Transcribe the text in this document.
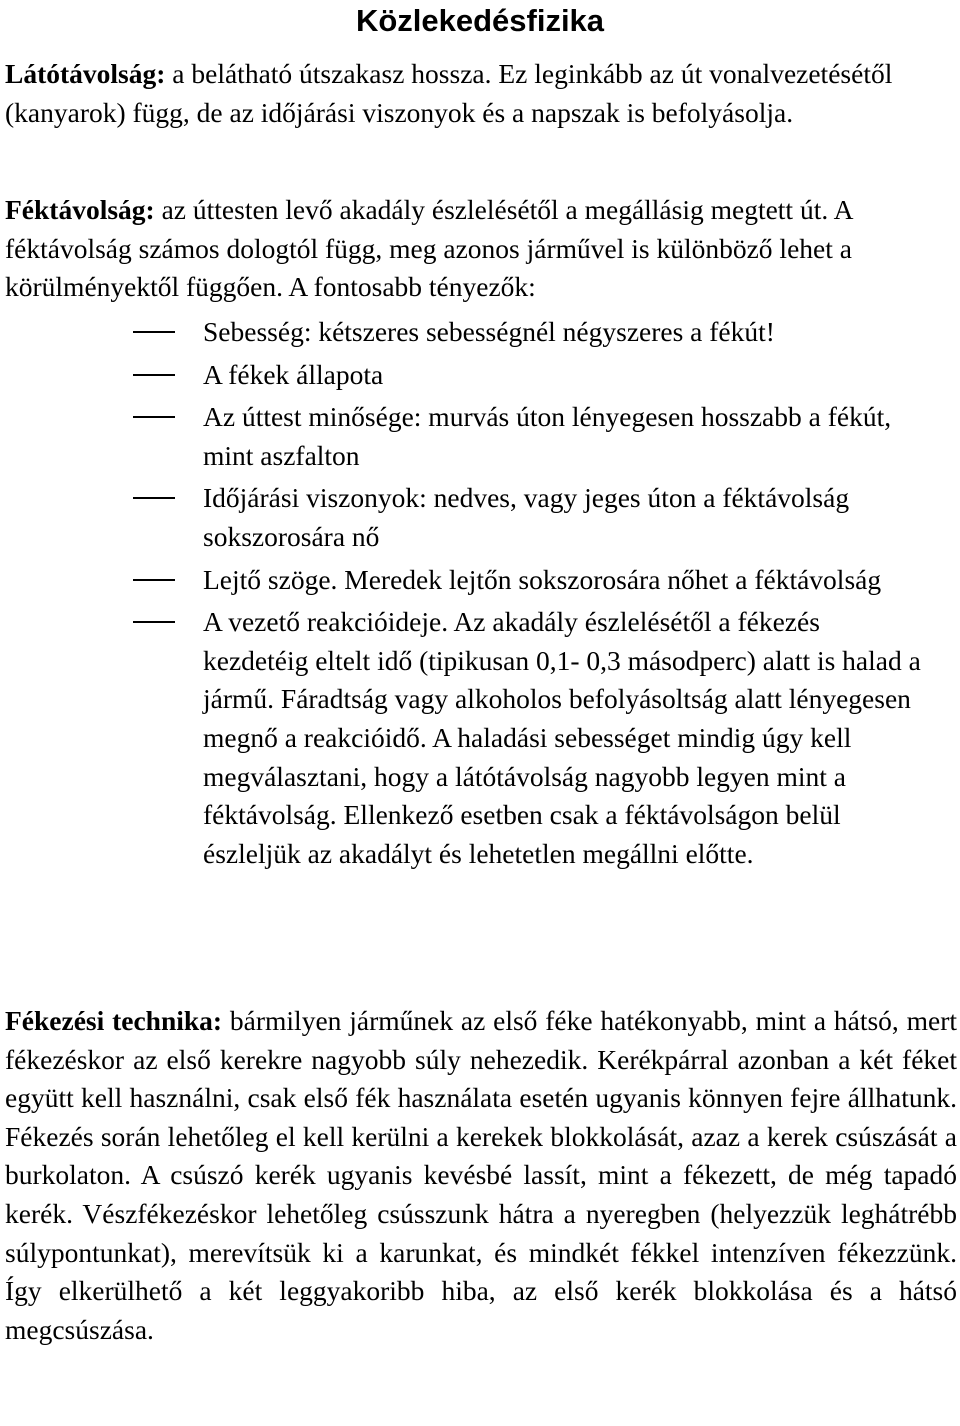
Közlekedésfizika

Látótávolság: a belátható útszakasz hossza. Ez leginkább az út vonalvezetésétől (kanyarok) függ, de az időjárási viszonyok és a napszak is befolyásolja.

Féktávolság: az úttesten levő akadály észlelésétől a megállásig megtett út. A féktávolság számos dologtól függ, meg azonos járművel is különböző lehet a körülményektől függően. A fontosabb tényezők:

Sebesség: kétszeres sebességnél négyszeres a fékút!
A fékek állapota
Az úttest minősége: murvás úton lényegesen hosszabb a fékút, mint aszfalton
Időjárási viszonyok: nedves, vagy jeges úton a féktávolság sokszorosára nő
Lejtő szöge. Meredek lejtőn sokszorosára nőhet a féktávolság
A vezető reakcióideje. Az akadály észlelésétől a fékezés kezdetéig eltelt idő (tipikusan 0,1- 0,3 másodperc) alatt is halad a jármű. Fáradtság vagy alkoholos befolyásoltság alatt lényegesen megnő a reakcióidő. A haladási sebességet mindig úgy kell megválasztani, hogy a látótávolság nagyobb legyen mint a féktávolság. Ellenkező esetben csak a féktávolságon belül észleljük az akadályt és lehetetlen megállni előtte.

Fékezési technika: bármilyen járműnek az első féke hatékonyabb, mint a hátsó, mert fékezéskor az első kerekre nagyobb súly nehezedik. Kerékpárral azonban a két féket együtt kell használni, csak első fék használata esetén ugyanis könnyen fejre állhatunk. Fékezés során lehetőleg el kell kerülni a kerekek blokkolását, azaz a kerek csúszását a burkolaton. A csúszó kerék ugyanis kevésbé lassít, mint a fékezett, de még tapadó kerék. Vészfékezéskor lehetőleg csússzunk hátra a nyeregben (helyezzük leghátrébb súlypontunkat), merevítsük ki a karunkat, és mindkét fékkel intenzíven fékezzünk. Így elkerülhető a két leggyakoribb hiba, az első kerék blokkolása és a hátsó megcsúszása.
